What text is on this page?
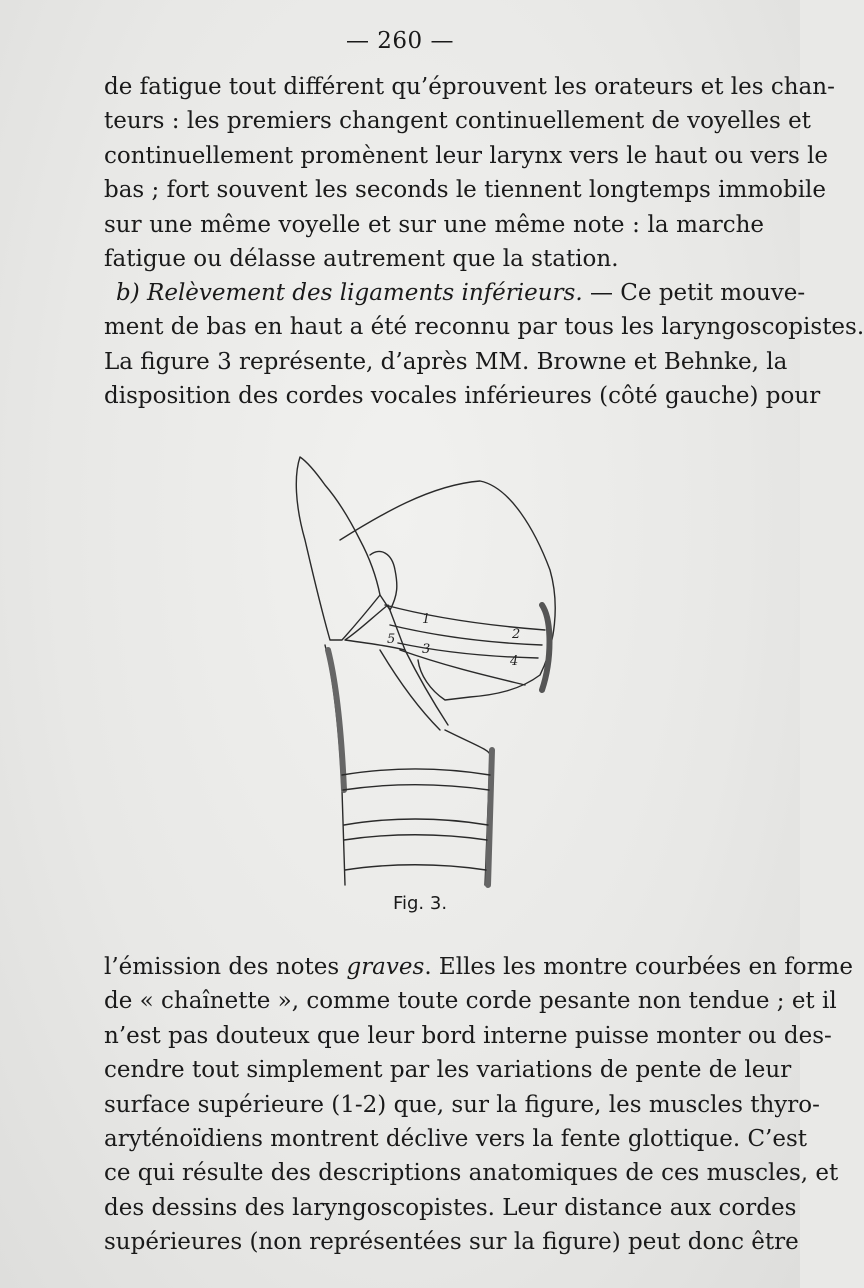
— 260 —
de fatigue tout différent qu’éprouvent les orateurs et les chan-
teurs : les premiers changent continuellement de voyelles et
continuellement promènent leur larynx vers le haut ou vers le
bas ; fort souvent les seconds le tiennent longtemps immobile
sur une même voyelle et sur une même note : la marche
fatigue ou délasse autrement que la station.
b) Relèvement des ligaments inférieurs. — Ce petit mouve-
ment de bas en haut a été reconnu par tous les laryngoscopistes.
La figure 3 représente, d’après MM. Browne et Behnke, la
disposition des cordes vocales inférieures (côté gauche) pour
1
2
3
4
5
Fig. 3.
l’émission des notes graves. Elles les montre courbées en forme
de « chaînette », comme toute corde pesante non tendue ; et il
n’est pas douteux que leur bord interne puisse monter ou des-
cendre tout simplement par les variations de pente de leur
surface supérieure (1-2) que, sur la figure, les muscles thyro-
aryténoïdiens montrent déclive vers la fente glottique. C’est
ce qui résulte des descriptions anatomiques de ces muscles, et
des dessins des laryngoscopistes. Leur distance aux cordes
supérieures (non représentées sur la figure) peut donc être
